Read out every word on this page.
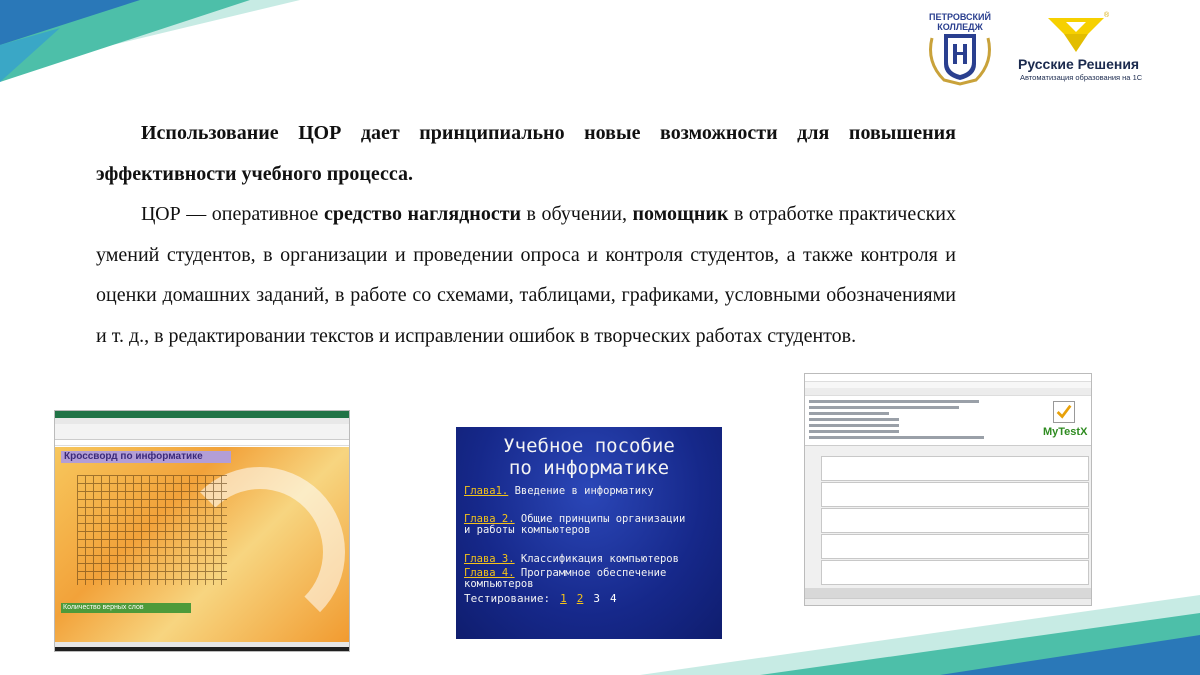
ПЕТРОВСКИЙ КОЛЛЕДЖ
®
Русские Решения
Автоматизация образования на 1С

Использование ЦОР дает принципиально новые возможности для повышения эффективности учебного процесса.

ЦОР — оперативное средство наглядности в обучении, помощник в отработке практических умений студентов, в организации и проведении опроса и контроля студентов, а также контроля и оценки домашних заданий, в работе со схемами, таблицами, графиками, условными обозначениями и т. д., в редактировании текстов и исправлении ошибок в творческих работах студентов.

Кроссворд по информатике
Количество верных слов
Учебное пособие
по информатике
Глава1. Введение в информатику
Глава 2. Общие принципы организации
и работы компьютеров
Глава 3. Классификация компьютеров
Глава 4. Программное обеспечение
компьютеров
Тестирование: 1 2 3 4
MyTestX
